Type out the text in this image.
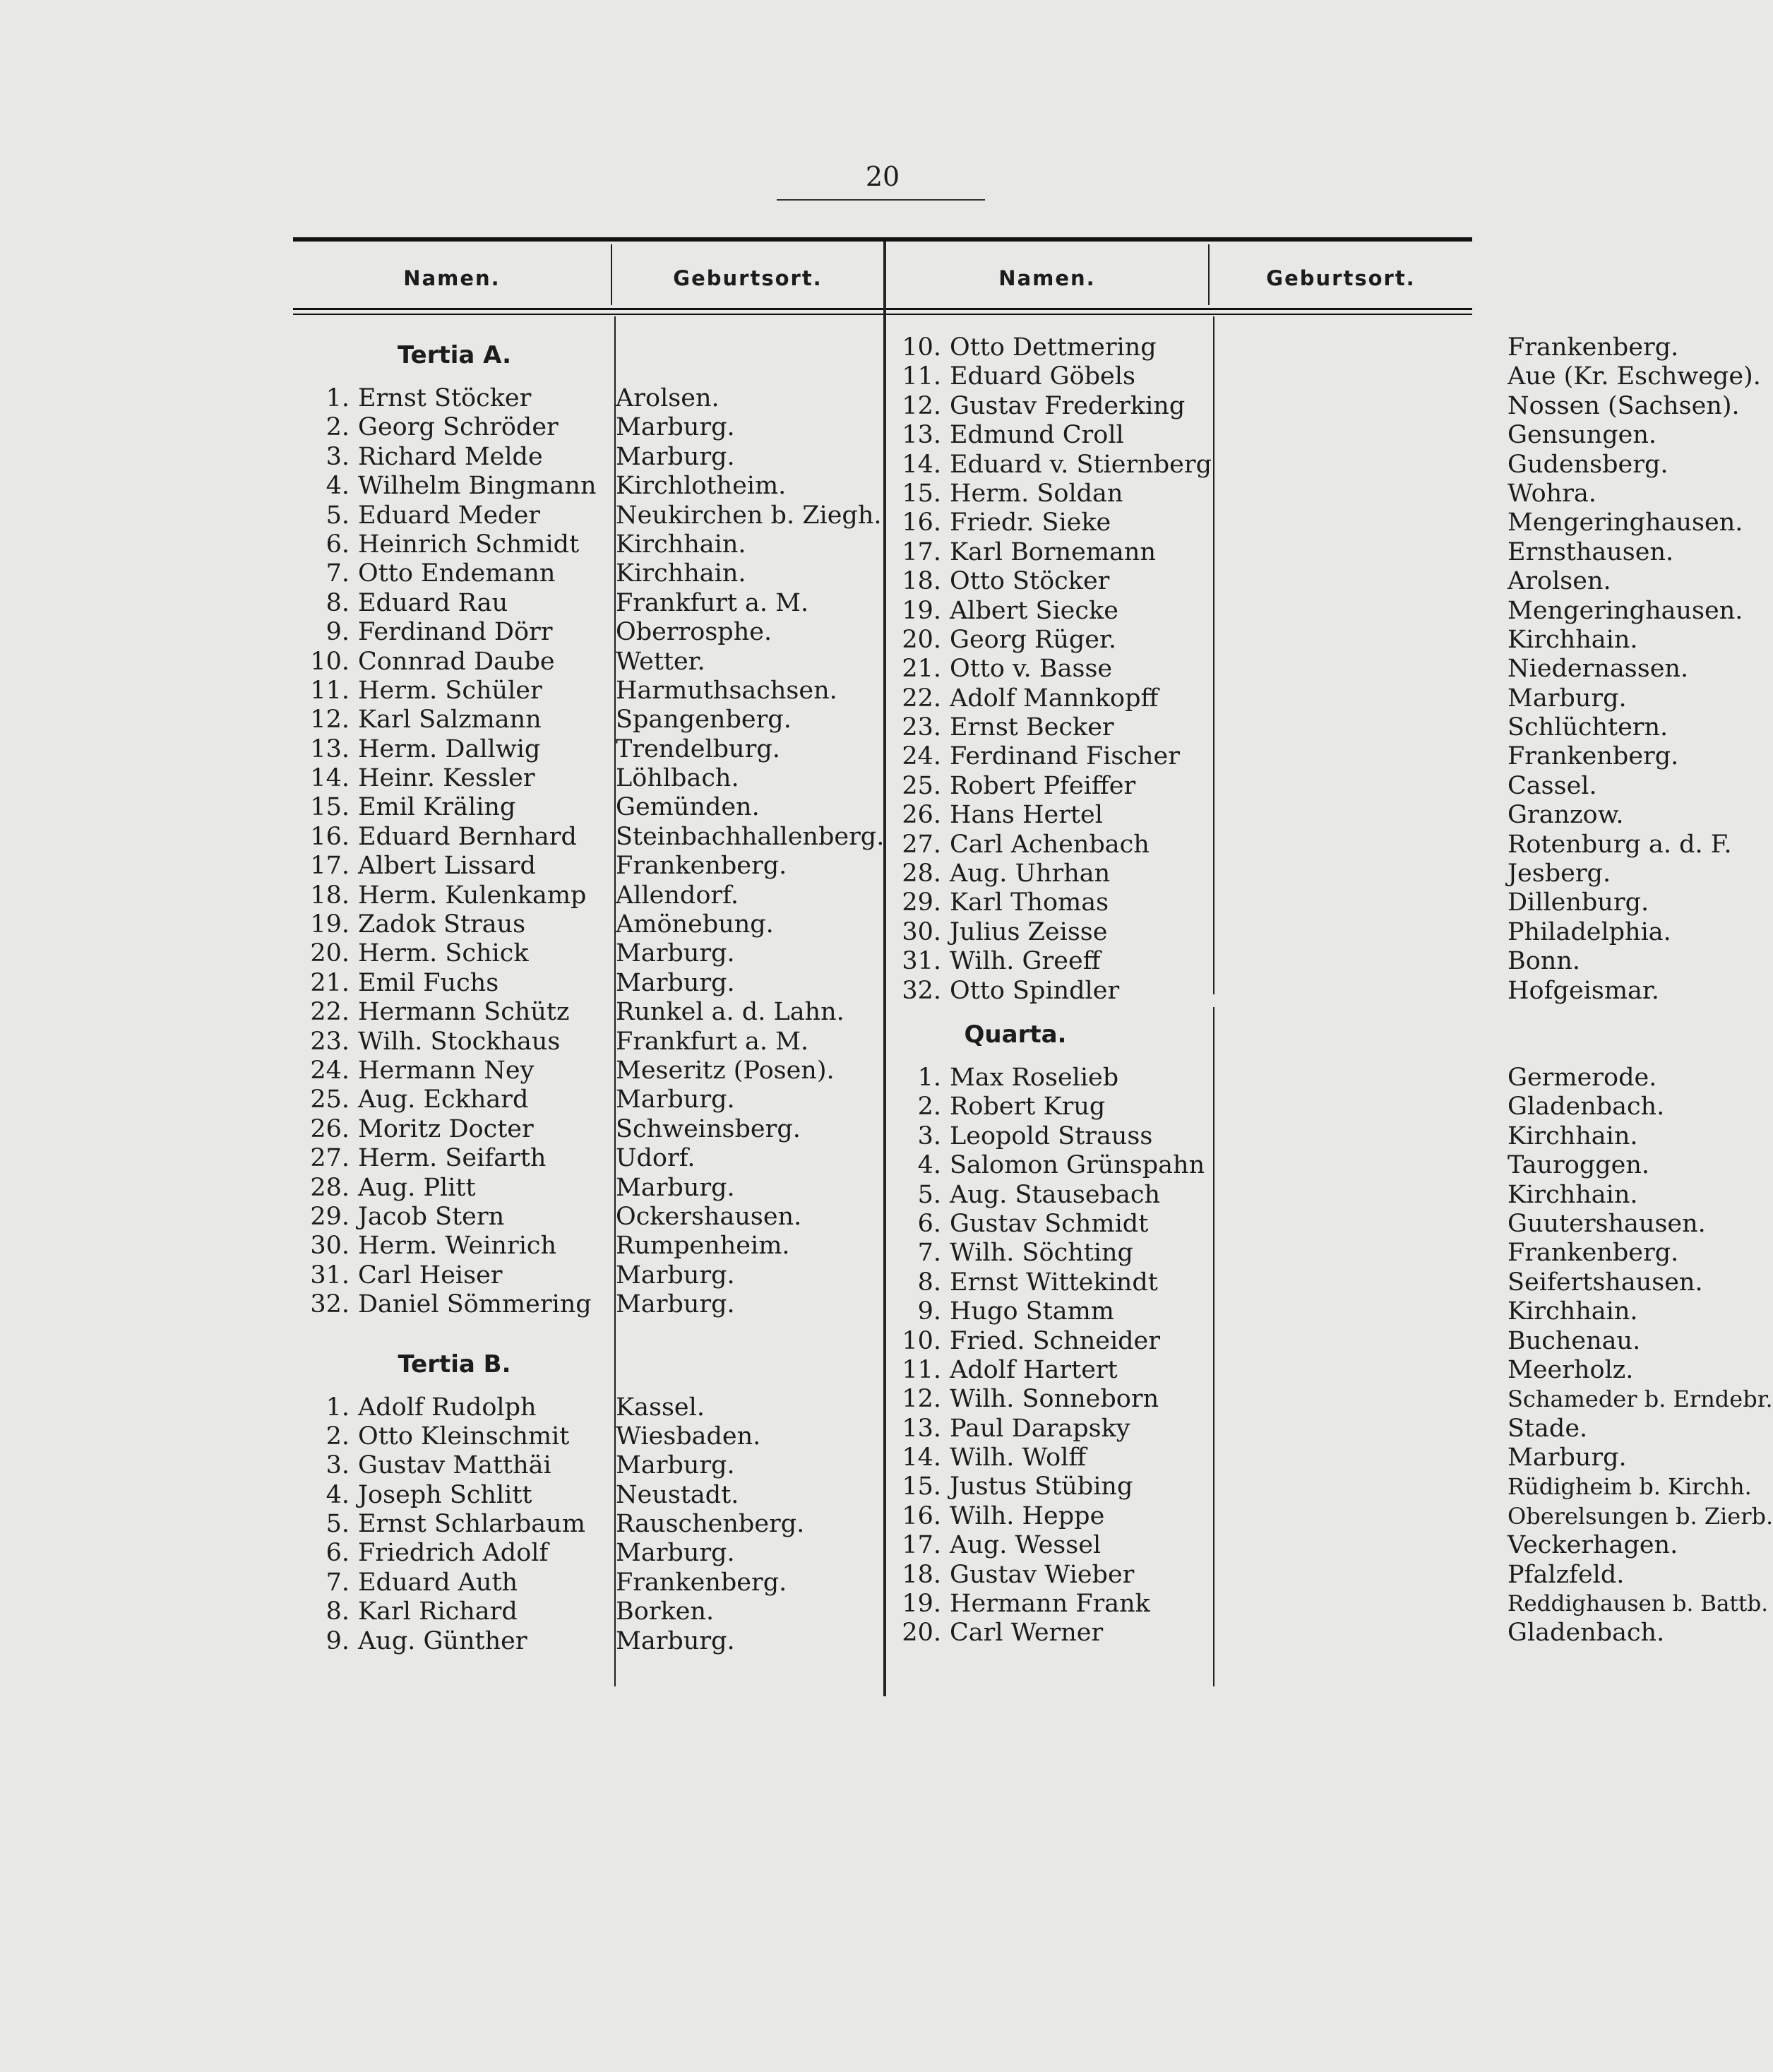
20
Namen.	Geburtsort.	Namen.	Geburtsort.
Tertia A.
1. Ernst Stöcker	Arolsen.
2. Georg Schröder Marburg.
3. Richard Melde	Marburg.
4. Wilhelm Bingmann Kirchlotheim.
5. Eduard Meder	Neukirchen b. Ziegh.
6. Heinrich Schmidt Kirchhain.
7. Otto Endemann Kirchhain.
8. Eduard Rau	Frankfurt a. M.
9. Ferdinand Dörr	Oberrosphe.
10. Connrad Daube Wetter.
11. Herm. Schüler	Harmuthsachsen.
12. Karl Salzmann	Spangenberg.
13. Herm. Dallwig	Trendelburg.
14. Heinr. Kessler	Löhlbach.
15. Emil Kräling	Gemünden.
16. Eduard Bernhard Steinbachhallenberg.
17. Albert Lissard	Frankenberg.
18. Herm. Kulenkamp Allendorf.
19. Zadok Straus	Amönebung.
20. Herm. Schick	Marburg.
21. Emil Fuchs	Marburg.
22. Hermann Schütz Runkel a. d. Lahn.
23. Wilh. Stockhaus Frankfurt a. M.
24. Hermann Ney	Meseritz (Posen).
25. Aug. Eckhard	Marburg.
26. Moritz Docter	Schweinsberg.
27. Herm. Seifarth	Udorf.
28. Aug. Plitt	Marburg.
29. Jacob Stern	Ockershausen.
30. Herm. Weinrich Rumpenheim.
31. Carl Heiser	Marburg.
32. Daniel Sömmering Marburg.
Tertia B.
1. Adolf Rudolph	Kassel.
2. Otto Kleinschmit Wiesbaden.
3. Gustav Matthäi	Marburg.
4. Joseph Schlitt	Neustadt.
5. Ernst Schlarbaum Rauschenberg.
6. Friedrich Adolf	Marburg.
7. Eduard Auth	Frankenberg.
8. Karl Richard	Borken.
9. Aug. Günther	Marburg.
10. Otto Dettmering	Frankenberg.
11. Eduard Göbels	Aue (Kr. Eschwege).
12. Gustav Frederking	Nossen (Sachsen).
13. Edmund Croll	Gensungen.
14. Eduard v. Stiernberg	Gudensberg.
15. Herm. Soldan	Wohra.
16. Friedr. Sieke	Mengeringhausen.
17. Karl Bornemann	Ernsthausen.
18. Otto Stöcker	Arolsen.
19. Albert Siecke	Mengeringhausen.
20. Georg Rüger.	Kirchhain.
21. Otto v. Basse	Niedernassen.
22. Adolf Mannkopff	Marburg.
23. Ernst Becker	Schlüchtern.
24. Ferdinand Fischer	Frankenberg.
25. Robert Pfeiffer	Cassel.
26. Hans Hertel	Granzow.
27. Carl Achenbach	Rotenburg a. d. F.
28. Aug. Uhrhan	Jesberg.
29. Karl Thomas	Dillenburg.
30. Julius Zeisse	Philadelphia.
31. Wilh. Greeff	Bonn.
32. Otto Spindler	Hofgeismar.
Quarta.
1. Max Roselieb	Germerode.
2. Robert Krug	Gladenbach.
3. Leopold Strauss	Kirchhain.
4. Salomon Grünspahn	Tauroggen.
5. Aug. Stausebach	Kirchhain.
6. Gustav Schmidt	Guutershausen.
7. Wilh. Söchting	Frankenberg.
8. Ernst Wittekindt	Seifertshausen.
9. Hugo Stamm	Kirchhain.
10. Fried. Schneider	Buchenau.
11. Adolf Hartert	Meerholz.
12. Wilh. Sonneborn	Schameder b. Erndebr.
13. Paul Darapsky	Stade.
14. Wilh. Wolff	Marburg.
15. Justus Stübing	Rüdigheim b. Kirchh.
16. Wilh. Heppe	Oberelsungen b. Zierb.
17. Aug. Wessel	Veckerhagen.
18. Gustav Wieber	Pfalzfeld.
19. Hermann Frank	Reddighausen b. Battb.
20. Carl Werner	Gladenbach.
